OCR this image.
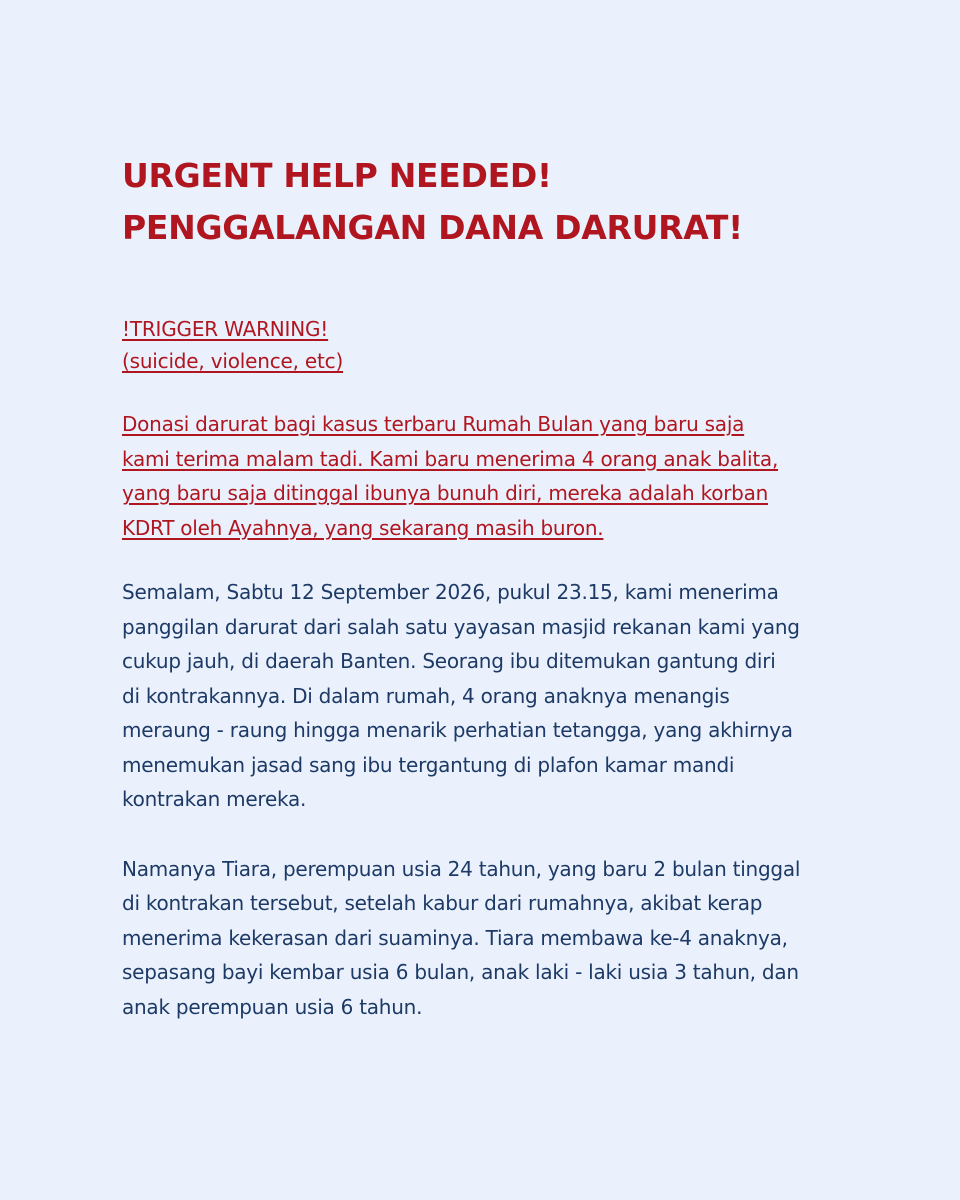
URGENT HELP NEEDED!
PENGGALANGAN DANA DARURAT!
!TRIGGER WARNING!
(suicide, violence, etc)
Donasi darurat bagi kasus terbaru Rumah Bulan yang baru saja
kami terima malam tadi. Kami baru menerima 4 orang anak balita,
yang baru saja ditinggal ibunya bunuh diri, mereka adalah korban
KDRT oleh Ayahnya, yang sekarang masih buron.
Semalam, Sabtu 12 September 2026, pukul 23.15, kami menerima
panggilan darurat dari salah satu yayasan masjid rekanan kami yang
cukup jauh, di daerah Banten. Seorang ibu ditemukan gantung diri
di kontrakannya. Di dalam rumah, 4 orang anaknya menangis
meraung - raung hingga menarik perhatian tetangga, yang akhirnya
menemukan jasad sang ibu tergantung di plafon kamar mandi
kontrakan mereka.
Namanya Tiara, perempuan usia 24 tahun, yang baru 2 bulan tinggal
di kontrakan tersebut, setelah kabur dari rumahnya, akibat kerap
menerima kekerasan dari suaminya. Tiara membawa ke-4 anaknya,
sepasang bayi kembar usia 6 bulan, anak laki - laki usia 3 tahun, dan
anak perempuan usia 6 tahun.
